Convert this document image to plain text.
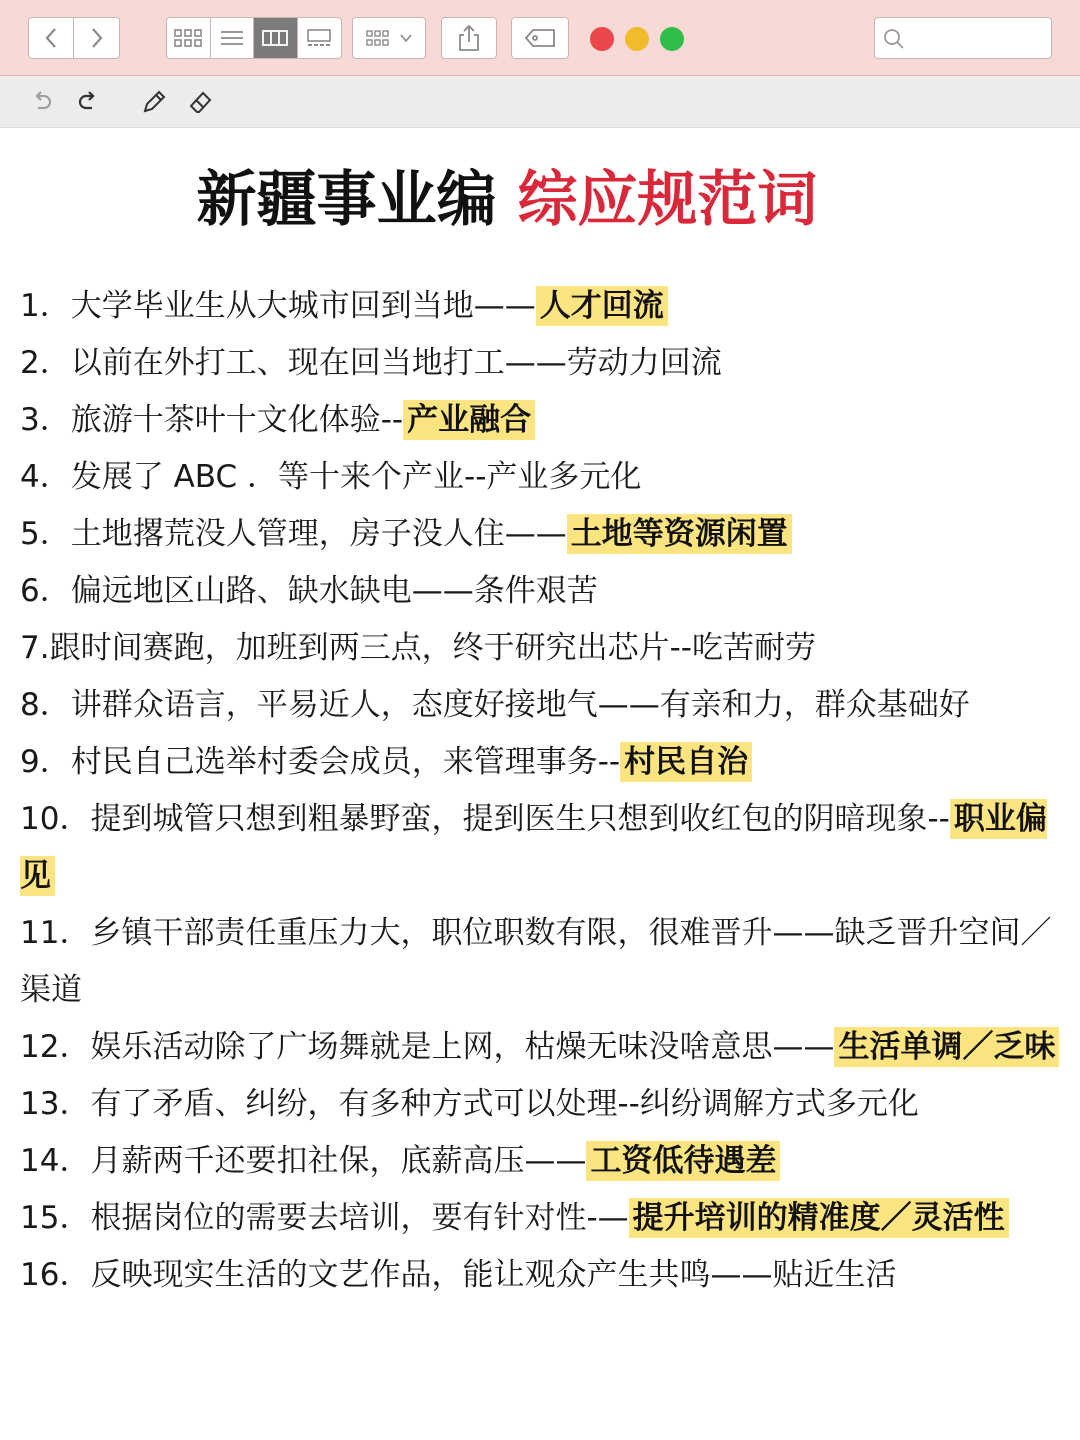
新疆事业编 综应规范词

1．大学毕业生从大城市回到当地—— 人才回流

2．以前在外打工、现在回当地打工——劳动力回流

3．旅游十茶叶十文化体验-- 产业融合

4．发展了 ABC ．等十来个产业--产业多元化

5．土地撂荒没人管理，房子没人住—— 土地等资源闲置

6．偏远地区山路、缺水缺电——条件艰苦

7.跟时间赛跑，加班到两三点，终于研究出芯片--吃苦耐劳

8．讲群众语言，平易近人，态度好接地气——有亲和力，群众基础好

9．村民自己选举村委会成员，来管理事务-- 村民自治

10．提到城管只想到粗暴野蛮，提到医生只想到收红包的阴暗现象-- 职业偏见

11．乡镇干部责任重压力大，职位职数有限，很难晋升——缺乏晋升空间／渠道

12．娱乐活动除了广场舞就是上网，枯燥无味没啥意思—— 生活单调／乏味

13．有了矛盾、纠纷，有多种方式可以处理--纠纷调解方式多元化

14．月薪两千还要扣社保，底薪高压—— 工资低待遇差

15．根据岗位的需要去培训，要有针对性-— 提升培训的精准度／灵活性

16．反映现实生活的文艺作品，能让观众产生共鸣——贴近生活
